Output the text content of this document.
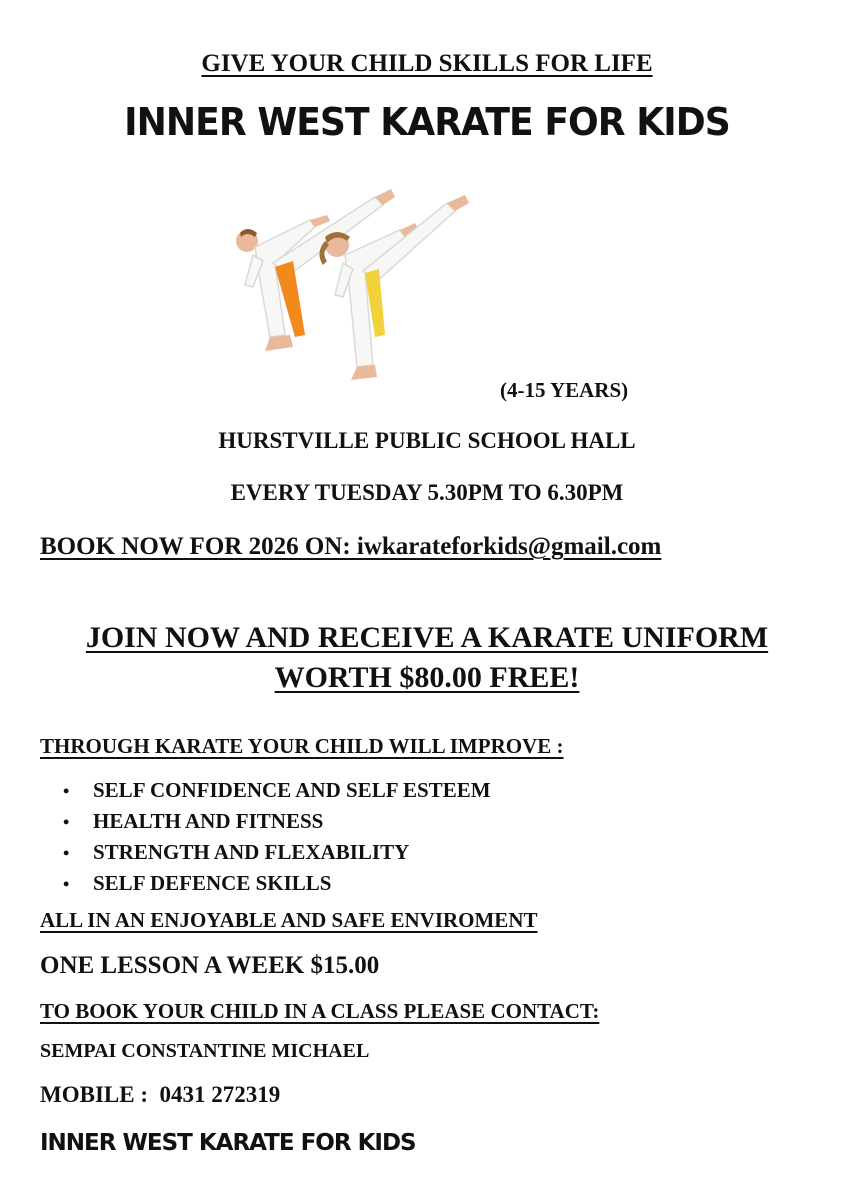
GIVE YOUR CHILD SKILLS FOR LIFE

INNER WEST KARATE FOR KIDS

(4-15 YEARS)

HURSTVILLE PUBLIC SCHOOL HALL

EVERY TUESDAY 5.30PM TO 6.30PM

BOOK NOW FOR 2026 ON: iwkarateforkids@gmail.com

JOIN NOW AND RECEIVE A KARATE UNIFORM
WORTH $80.00 FREE!

THROUGH KARATE YOUR CHILD WILL IMPROVE :

• SELF CONFIDENCE AND SELF ESTEEM
• HEALTH AND FITNESS
• STRENGTH AND FLEXABILITY
• SELF DEFENCE SKILLS

ALL IN AN ENJOYABLE AND SAFE ENVIROMENT

ONE LESSON A WEEK $15.00

TO BOOK YOUR CHILD IN A CLASS PLEASE CONTACT:

SEMPAI CONSTANTINE MICHAEL

MOBILE :  0431 272319

INNER WEST KARATE FOR KIDS
